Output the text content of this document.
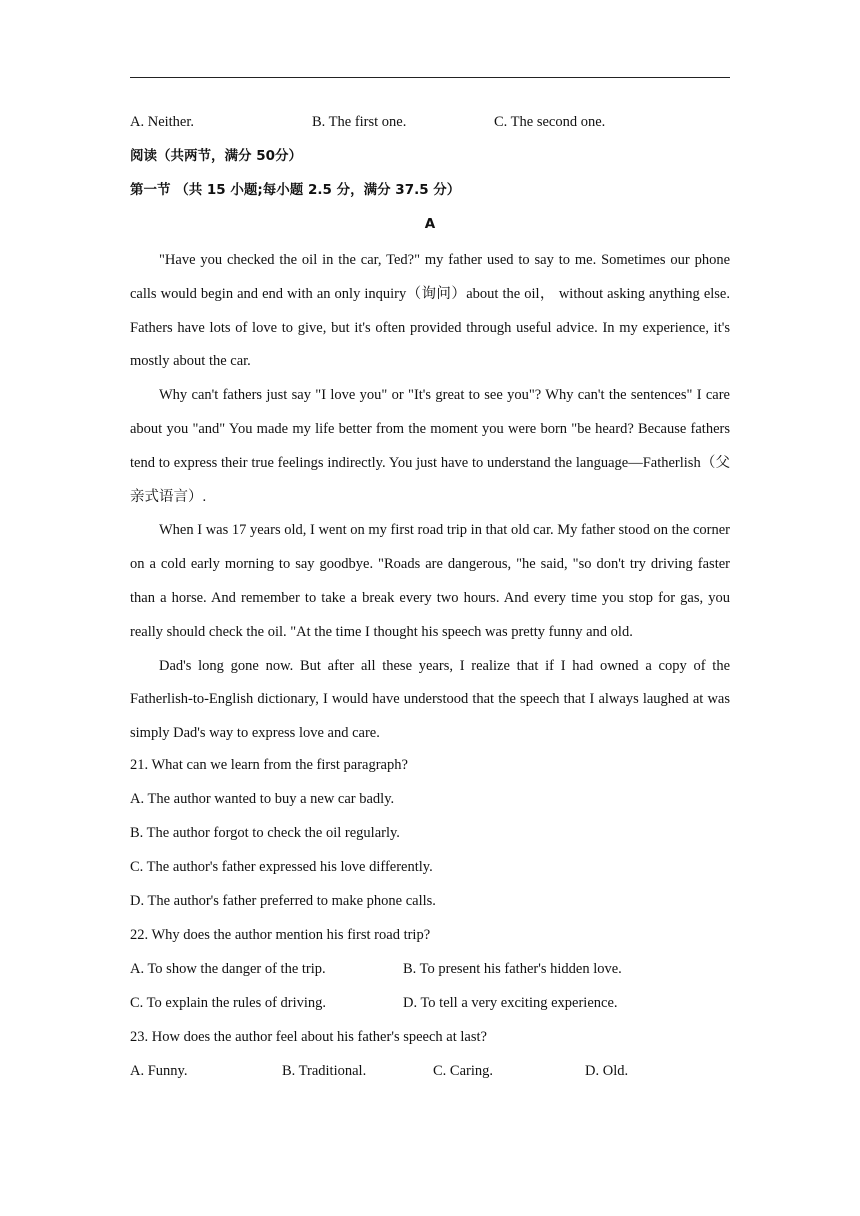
A. Neither.	B. The first one.	C. The second one.
阅读（共两节，满分 50分）
第一节 （共 15 小题;每小题 2.5 分，满分 37.5 分）
A

"Have you checked the oil in the car, Ted?" my father used to say to me. Sometimes our phone calls would begin and end with an only inquiry（询问）about the oil， without asking anything else. Fathers have lots of love to give, but it's often provided through useful advice. In my experience, it's mostly about the car.

Why can't fathers just say "I love you" or "It's great to see you"? Why can't the sentences" I care about you "and" You made my life better from the moment you were born "be heard? Because fathers tend to express their true feelings indirectly. You just have to understand the language—Fatherlish（父亲式语言）.

When I was 17 years old, I went on my first road trip in that old car. My father stood on the corner on a cold early morning to say goodbye. "Roads are dangerous, "he said, "so don't try driving faster than a horse. And remember to take a break every two hours. And every time you stop for gas, you really should check the oil. "At the time I thought his speech was pretty funny and old.

Dad's long gone now. But after all these years, I realize that if I had owned a copy of the Fatherlish-to-English dictionary, I would have understood that the speech that I always laughed at was simply Dad's way to express love and care.

21. What can we learn from the first paragraph?
A. The author wanted to buy a new car badly.
B. The author forgot to check the oil regularly.
C. The author's father expressed his love differently.
D. The author's father preferred to make phone calls.
22. Why does the author mention his first road trip?
A. To show the danger of the trip.	B. To present his father's hidden love.
C. To explain the rules of driving.	D. To tell a very exciting experience.
23. How does the author feel about his father's speech at last?
A. Funny.	B. Traditional.	C. Caring.	D. Old.
